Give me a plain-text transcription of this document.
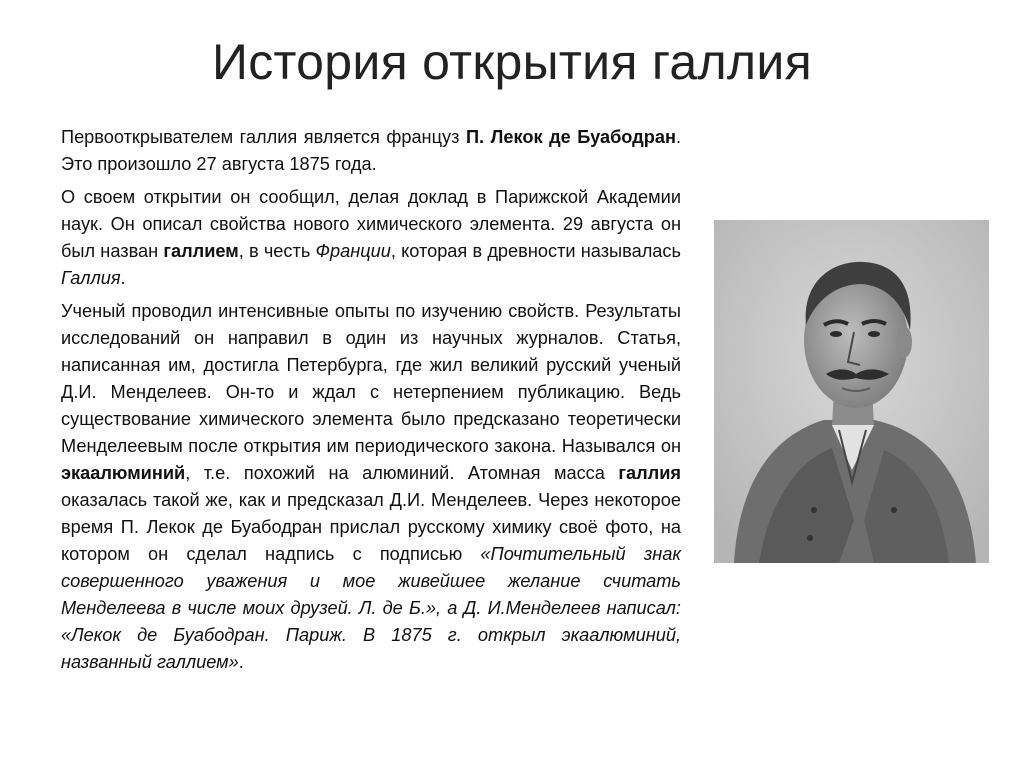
История открытия галлия

Первооткрывателем галлия является француз П. Лекок де Буабодран. Это произошло 27 августа 1875 года.

О своем открытии он сообщил, делая доклад в Парижской Академии наук. Он описал свойства нового химического элемента. 29 августа он был назван галлием, в честь Франции, которая в древности называлась Галлия.

Ученый проводил интенсивные опыты по изучению свойств. Результаты исследований он направил в один из научных журналов. Статья, написанная им, достигла Петербурга, где жил великий русский ученый Д.И. Менделеев. Он-то и ждал с нетерпением публикацию. Ведь существование химического элемента было предсказано теоретически Менделеевым после открытия им периодического закона. Назывался он экаалюминий, т.е. похожий на алюминий. Атомная масса галлия оказалась такой же, как и предсказал Д.И. Менделеев. Через некоторое время П. Лекок де Буабодран прислал русскому химику своё фото, на котором он сделал надпись с подписью «Почтительный знак совершенного уважения и мое живейшее желание считать Менделеева в числе моих друзей. Л. де Б.», а Д. И.Менделеев написал: «Лекок де Буабодран. Париж. В 1875 г. открыл экаалюминий, названный галлием».
